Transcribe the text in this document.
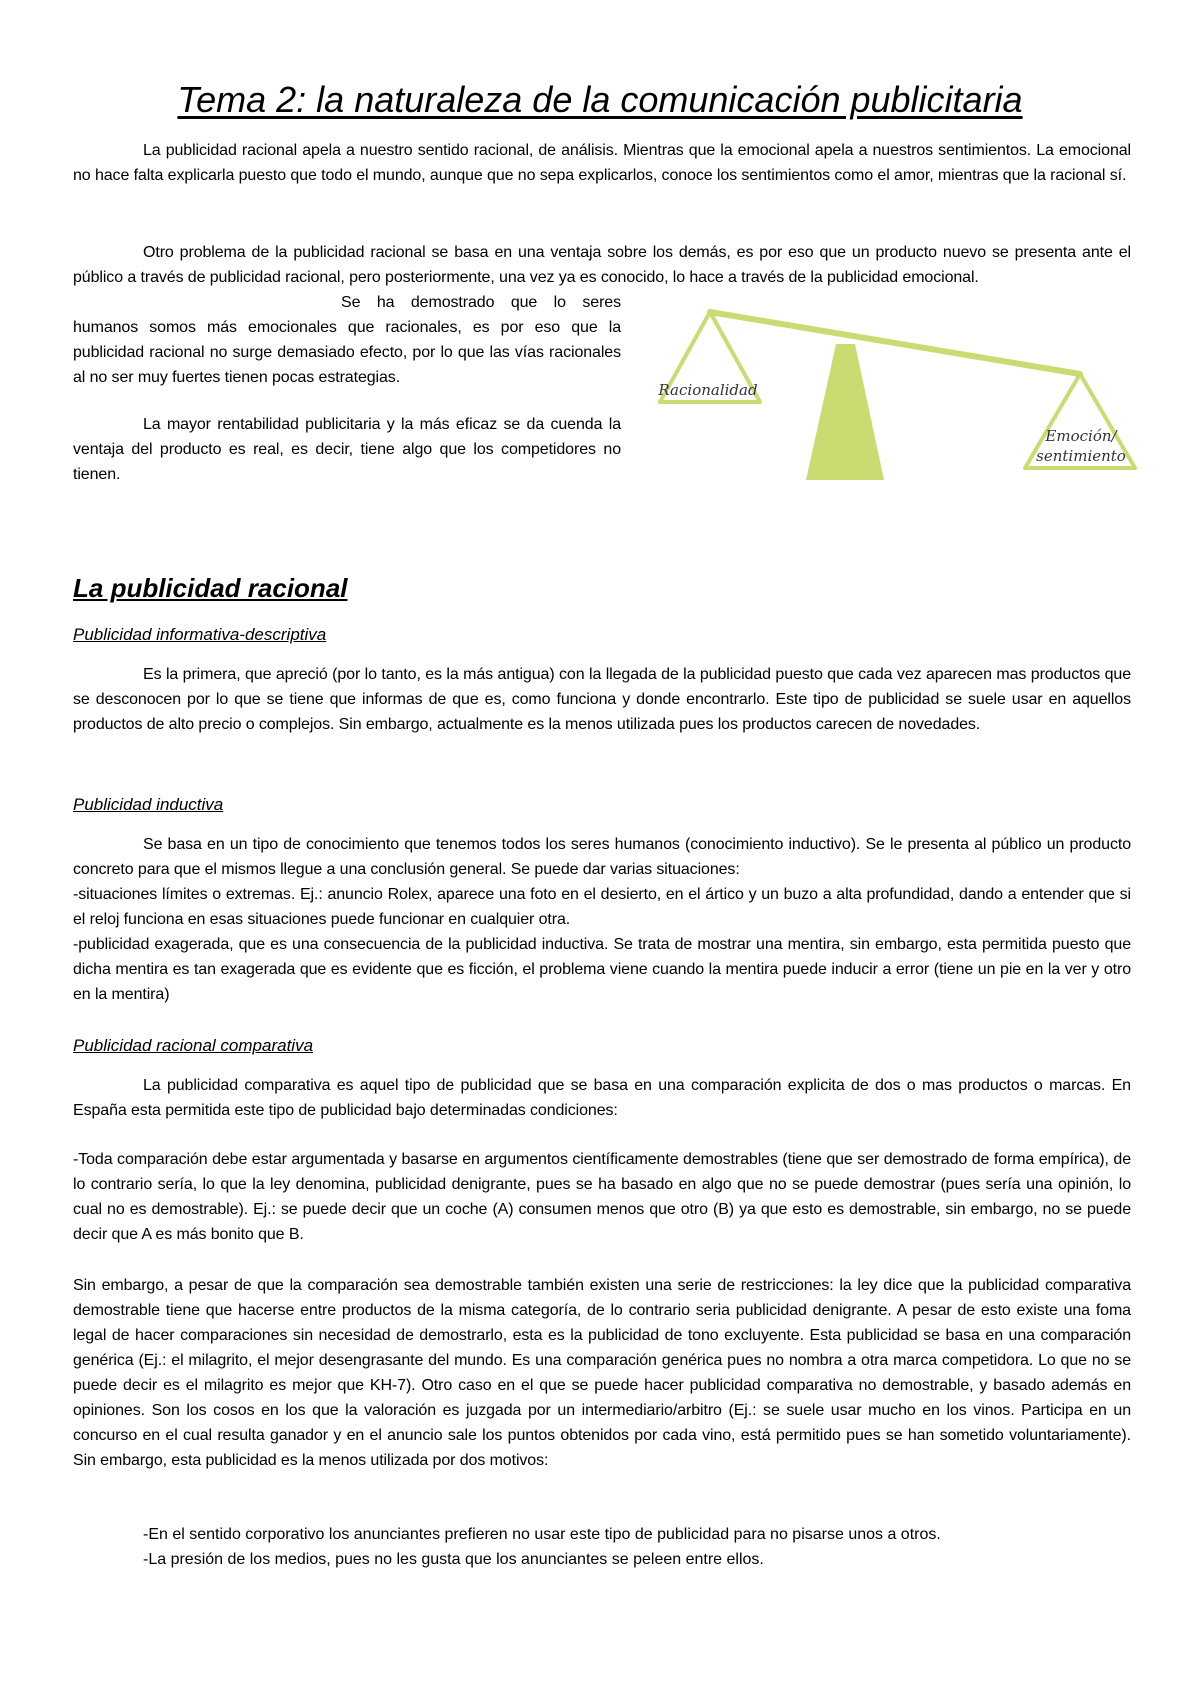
Tema 2: la naturaleza de la comunicación publicitaria

La publicidad racional apela a nuestro sentido racional, de análisis. Mientras que la emocional apela a nuestros sentimientos. La emocional no hace falta explicarla puesto que todo el mundo, aunque que no sepa explicarlos, conoce los sentimientos como el amor, mientras que la racional sí.

Otro problema de la publicidad racional se basa en una ventaja sobre los demás, es por eso que un producto nuevo se presenta ante el público a través de publicidad racional, pero posteriormente, una vez ya es conocido, lo hace a través de la publicidad emocional.

Se ha demostrado que lo seres humanos somos más emocionales que racionales, es por eso que la publicidad racional no surge demasiado efecto, por lo que las vías racionales al no ser muy fuertes tienen pocas estrategias.

La mayor rentabilidad publicitaria y la más eficaz se da cuenda la ventaja del producto es real, es decir, tiene algo que los competidores no tienen.

Racionalidad
Emoción/
sentimiento
La publicidad racional
Publicidad informativa-descriptiva

Es la primera, que apreció (por lo tanto, es la más antigua) con la llegada de la publicidad puesto que cada vez aparecen mas productos que se desconocen por lo que se tiene que informas de que es, como funciona y donde encontrarlo. Este tipo de publicidad se suele usar en aquellos productos de alto precio o complejos. Sin embargo, actualmente es la menos utilizada pues los productos carecen de novedades.

Publicidad inductiva

Se basa en un tipo de conocimiento que tenemos todos los seres humanos (conocimiento inductivo). Se le presenta al público un producto concreto para que el mismos llegue a una conclusión general. Se puede dar varias situaciones:

-situaciones límites o extremas. Ej.: anuncio Rolex, aparece una foto en el desierto, en el ártico y un buzo a alta profundidad, dando a entender que si el reloj funciona en esas situaciones puede funcionar en cualquier otra.

-publicidad exagerada, que es una consecuencia de la publicidad inductiva. Se trata de mostrar una mentira, sin embargo, esta permitida puesto que dicha mentira es tan exagerada que es evidente que es ficción, el problema viene cuando la mentira puede inducir a error (tiene un pie en la ver y otro en la mentira)

Publicidad racional comparativa

La publicidad comparativa es aquel tipo de publicidad que se basa en una comparación explicita de dos o mas productos o marcas. En España esta permitida este tipo de publicidad bajo determinadas condiciones:

-Toda comparación debe estar argumentada y basarse en argumentos científicamente demostrables (tiene que ser demostrado de forma empírica), de lo contrario sería, lo que la ley denomina, publicidad denigrante, pues se ha basado en algo que no se puede demostrar (pues sería una opinión, lo cual no es demostrable). Ej.: se puede decir que un coche (A) consumen menos que otro (B) ya que esto es demostrable, sin embargo, no se puede decir que A es más bonito que B.

Sin embargo, a pesar de que la comparación sea demostrable también existen una serie de restricciones: la ley dice que la publicidad comparativa demostrable tiene que hacerse entre productos de la misma categoría, de lo contrario seria publicidad denigrante. A pesar de esto existe una foma legal de hacer comparaciones sin necesidad de demostrarlo, esta es la publicidad de tono excluyente. Esta publicidad se basa en una comparación genérica (Ej.: el milagrito, el mejor desengrasante del mundo. Es una comparación genérica pues no nombra a otra marca competidora. Lo que no se puede decir es el milagrito es mejor que KH-7). Otro caso en el que se puede hacer publicidad comparativa no demostrable, y basado además en opiniones. Son los cosos en los que la valoración es juzgada por un intermediario/arbitro (Ej.: se suele usar mucho en los vinos. Participa en un concurso en el cual resulta ganador y en el anuncio sale los puntos obtenidos por cada vino, está permitido pues se han sometido voluntariamente). Sin embargo, esta publicidad es la menos utilizada por dos motivos:

-En el sentido corporativo los anunciantes prefieren no usar este tipo de publicidad para no pisarse unos a otros.

-La presión de los medios, pues no les gusta que los anunciantes se peleen entre ellos.
